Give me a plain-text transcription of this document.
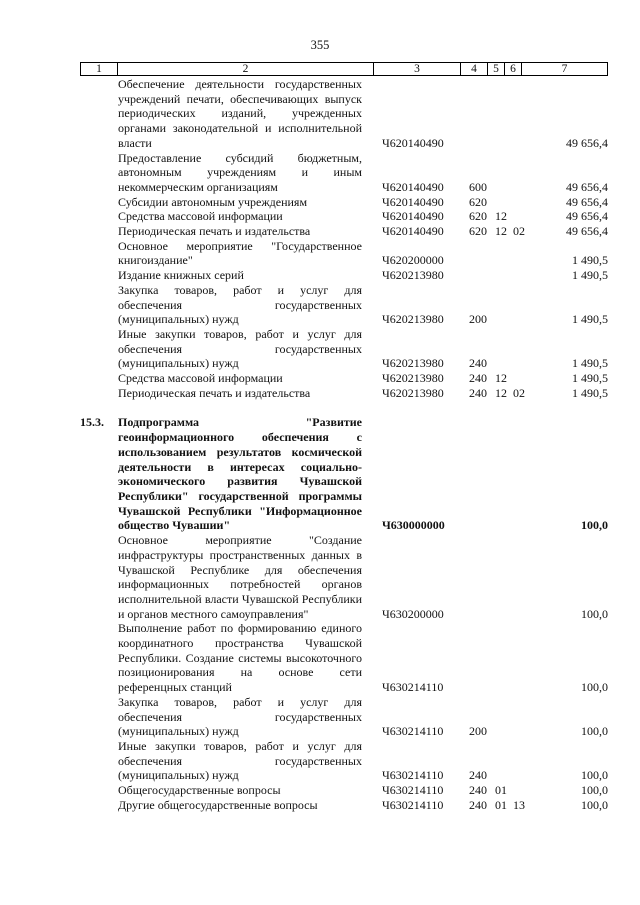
355
1	2	3	4	5	6	7
Обеспечение деятельности государственных учреждений печати, обеспечивающих выпуск периодических изданий, учрежденных органами законодательной и исполнительной власти	Ч620140490	49 656,4
Предоставление субсидий бюджетным, автономным учреждениям и иным некоммерческим организациям	Ч620140490 600	49 656,4
Субсидии автономным учреждениям	Ч620140490 620	49 656,4
Средства массовой информации	Ч620140490 620 12	49 656,4
Периодическая печать и издательства	Ч620140490 620 12 02	49 656,4
Основное мероприятие "Государственное книгоиздание"	Ч620200000	1 490,5
Издание книжных серий	Ч620213980	1 490,5
Закупка товаров, работ и услуг для обеспечения государственных (муниципальных) нужд	Ч620213980 200	1 490,5
Иные закупки товаров, работ и услуг для обеспечения государственных (муниципальных) нужд	Ч620213980 240	1 490,5
Средства массовой информации	Ч620213980 240 12	1 490,5
Периодическая печать и издательства	Ч620213980 240 12 02	1 490,5
15.3.	Подпрограмма "Развитие геоинформационного обеспечения с использованием результатов космической деятельности в интересах социально-экономического развития Чувашской Республики" государственной программы Чувашской Республики "Информационное общество Чувашии"	Ч630000000	100,0
Основное мероприятие "Создание инфраструктуры пространственных данных в Чувашской Республике для обеспечения информационных потребностей органов исполнительной власти Чувашской Республики и органов местного самоуправления"	Ч630200000	100,0
Выполнение работ по формированию единого координатного пространства Чувашской Республики. Создание системы высокоточного позиционирования на основе сети референцных станций	Ч630214110	100,0
Закупка товаров, работ и услуг для обеспечения государственных (муниципальных) нужд	Ч630214110 200	100,0
Иные закупки товаров, работ и услуг для обеспечения государственных (муниципальных) нужд	Ч630214110 240	100,0
Общегосударственные вопросы	Ч630214110 240 01	100,0
Другие общегосударственные вопросы	Ч630214110 240 01 13	100,0
